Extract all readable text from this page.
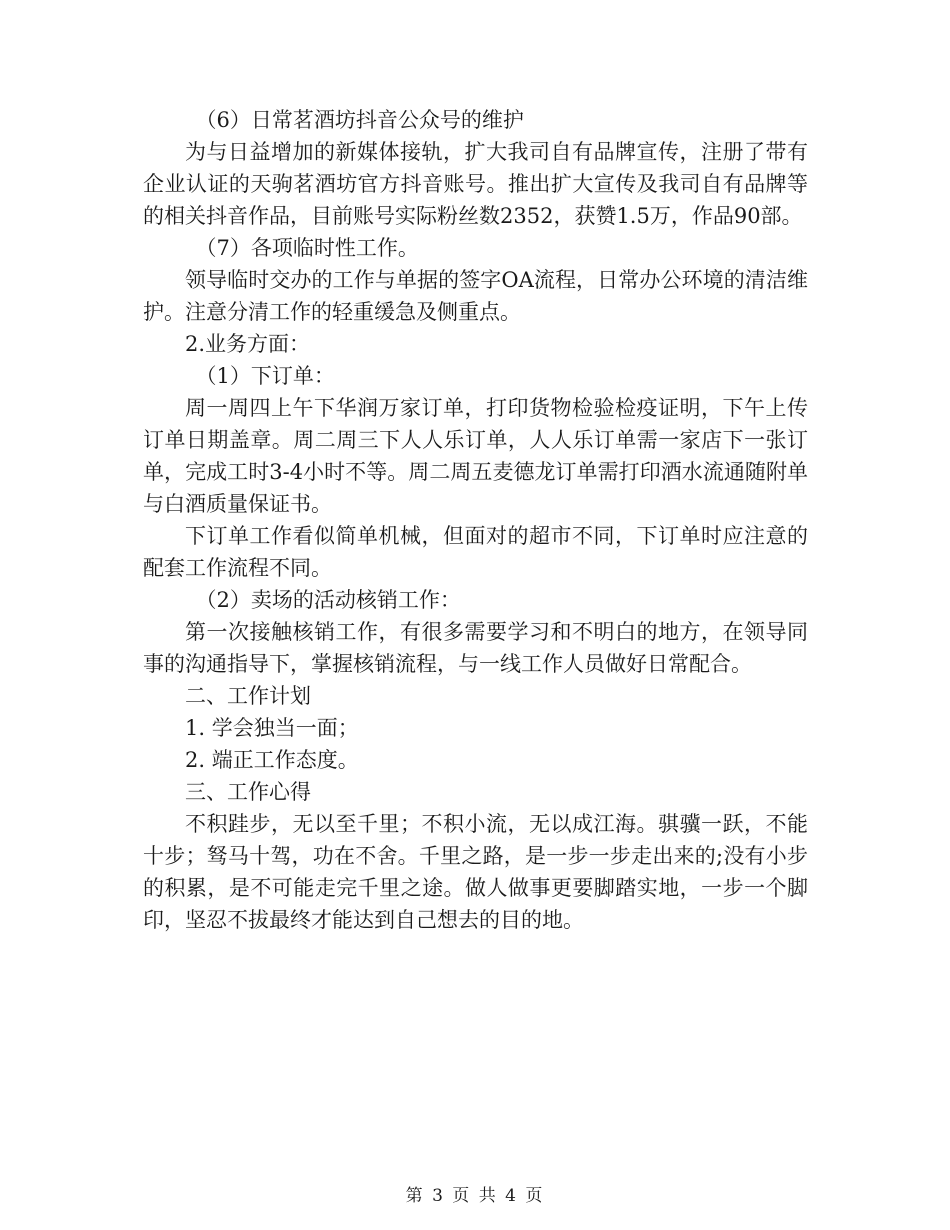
（6）日常茗酒坊抖音公众号的维护

为与日益增加的新媒体接轨，扩大我司自有品牌宣传，注册了带有企业认证的天驹茗酒坊官方抖音账号。推出扩大宣传及我司自有品牌等的相关抖音作品，目前账号实际粉丝数2352，获赞1.5万，作品90部。

（7）各项临时性工作。

领导临时交办的工作与单据的签字OA流程，日常办公环境的清洁维护。注意分清工作的轻重缓急及侧重点。

2.业务方面：

（1）下订单：

周一周四上午下华润万家订单，打印货物检验检疫证明，下午上传订单日期盖章。周二周三下人人乐订单，人人乐订单需一家店下一张订单，完成工时3-4小时不等。周二周五麦德龙订单需打印酒水流通随附单与白酒质量保证书。

下订单工作看似简单机械，但面对的超市不同，下订单时应注意的配套工作流程不同。

（2）卖场的活动核销工作：

第一次接触核销工作，有很多需要学习和不明白的地方，在领导同事的沟通指导下，掌握核销流程，与一线工作人员做好日常配合。

二、工作计划

1. 学会独当一面；

2. 端正工作态度。

三、工作心得

不积跬步，无以至千里；不积小流，无以成江海。骐骥一跃，不能十步；驽马十驾，功在不舍。千里之路，是一步一步走出来的;没有小步的积累，是不可能走完千里之途。做人做事更要脚踏实地，一步一个脚印，坚忍不拔最终才能达到自己想去的目的地。

第 3 页 共 4 页
